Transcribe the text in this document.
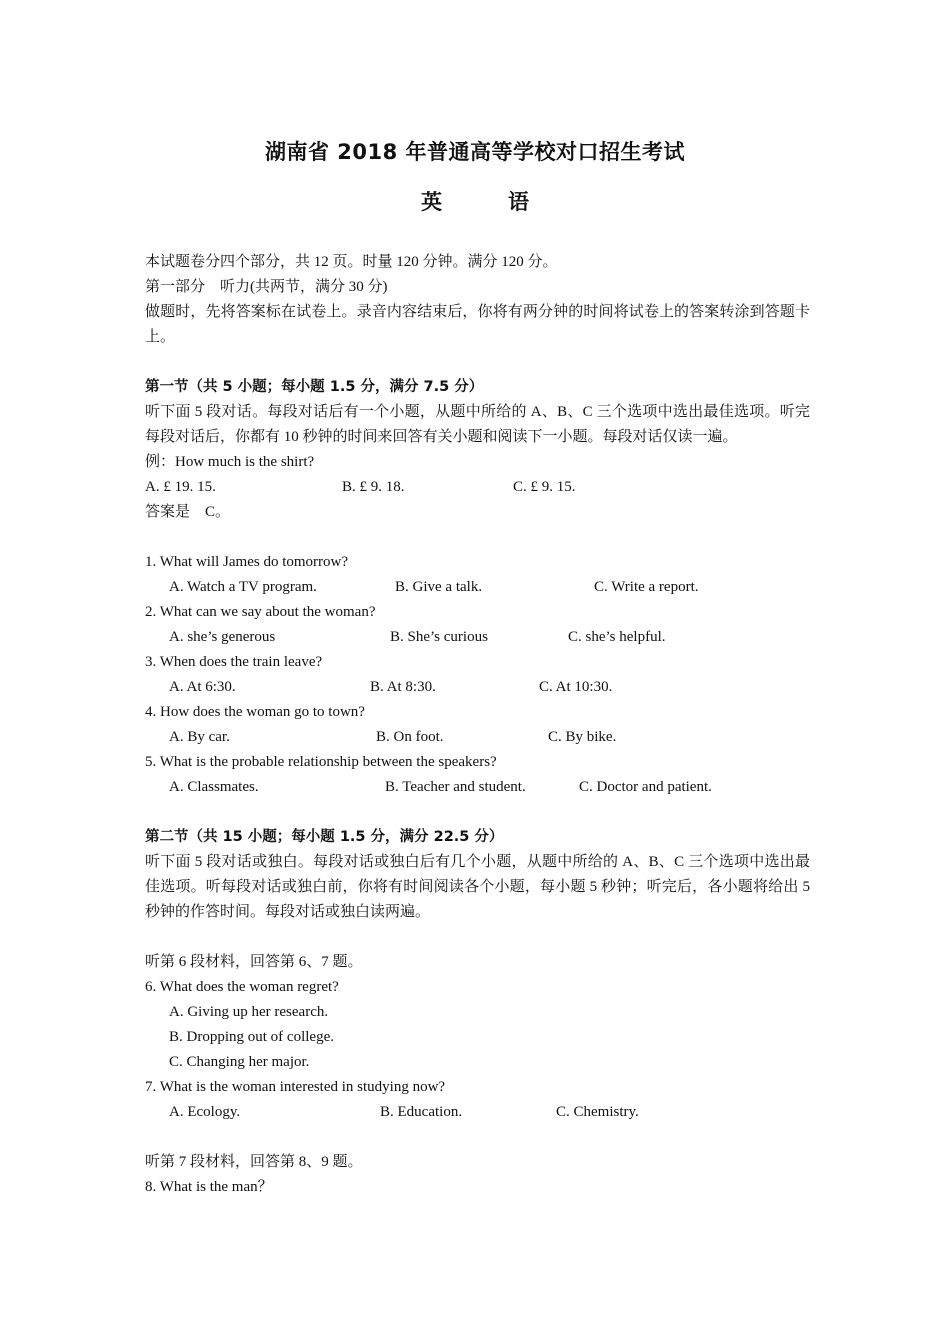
湖南省 2018 年普通高等学校对口招生考试
英	语
本试题卷分四个部分，共 12 页。时量 120 分钟。满分 120 分。
第一部分　听力(共两节，满分 30 分)
做题时，先将答案标在试卷上。录音内容结束后，你将有两分钟的时间将试卷上的答案转涂到答题卡上。
第一节（共 5 小题；每小题 1.5 分，满分 7.5 分）
听下面 5 段对话。每段对话后有一个小题，从题中所给的 A、B、C 三个选项中选出最佳选项。听完每段对话后，你都有 10 秒钟的时间来回答有关小题和阅读下一小题。每段对话仅读一遍。
例：How much is the shirt?
A. £ 19. 15.	B. £ 9. 18.	C. £ 9. 15.
答案是　C。
1. What will James do tomorrow?
A. Watch a TV program.	B. Give a talk.	C. Write a report.
2. What can we say about the woman?
A. she’s generous	B. She’s curious	C. she’s helpful.
3. When does the train leave?
A. At 6:30.	B. At 8:30.	C. At 10:30.
4. How does the woman go to town?
A. By car.	B. On foot.	C. By bike.
5. What is the probable relationship between the speakers?
A. Classmates.	B. Teacher and student.	C. Doctor and patient.
第二节（共 15 小题；每小题 1.5 分，满分 22.5 分）
听下面 5 段对话或独白。每段对话或独白后有几个小题，从题中所给的 A、B、C 三个选项中选出最佳选项。听每段对话或独白前，你将有时间阅读各个小题，每小题 5 秒钟；听完后，各小题将给出 5 秒钟的作答时间。每段对话或独白读两遍。
听第 6 段材料，回答第 6、7 题。
6. What does the woman regret?
A. Giving up her research.
B. Dropping out of college.
C. Changing her major.
7. What is the woman interested in studying now?
A. Ecology.	B. Education.	C. Chemistry.
听第 7 段材料，回答第 8、9 题。
8. What is the man？
